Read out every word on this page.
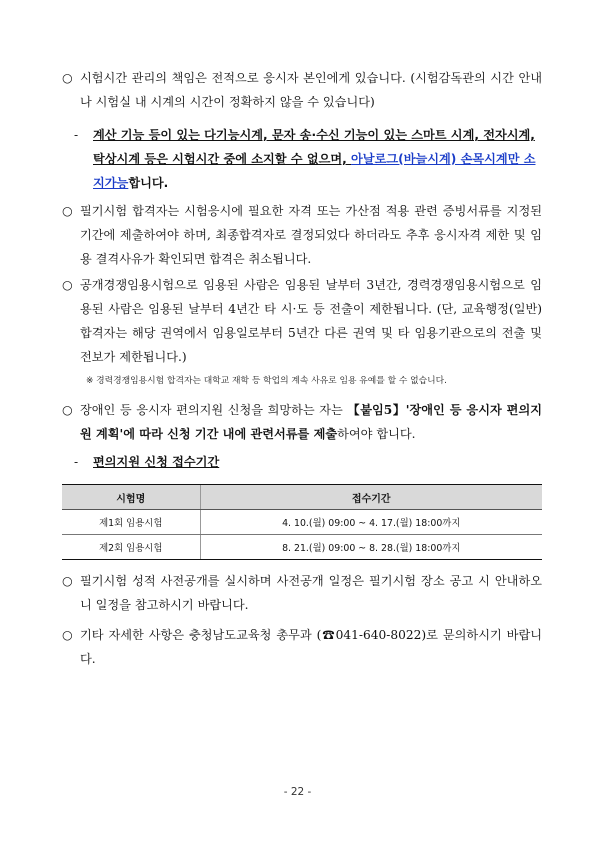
○ 시험시간 관리의 책임은 전적으로 응시자 본인에게 있습니다. (시험감독관의 시간 안내나 시험실 내 시계의 시간이 정확하지 않을 수 있습니다)
- 계산 기능 등이 있는 다기능시계, 문자 송·수신 기능이 있는 스마트 시계, 전자시계, 탁상시계 등은 시험시간 중에 소지할 수 없으며, 아날로그(바늘시계) 손목시계만 소지가능합니다.
○ 필기시험 합격자는 시험응시에 필요한 자격 또는 가산점 적용 관련 증빙서류를 지정된 기간에 제출하여야 하며, 최종합격자로 결정되었다 하더라도 추후 응시자격 제한 및 임용 결격사유가 확인되면 합격은 취소됩니다.
○ 공개경쟁임용시험으로 임용된 사람은 임용된 날부터 3년간, 경력경쟁임용시험으로 임용된 사람은 임용된 날부터 4년간 타 시·도 등 전출이 제한됩니다. (단, 교육행정(일반) 합격자는 해당 권역에서 임용일로부터 5년간 다른 권역 및 타 임용기관으로의 전출 및 전보가 제한됩니다.)
※ 경력경쟁임용시험 합격자는 대학교 재학 등 학업의 계속 사유로 임용 유예를 할 수 없습니다.
○ 장애인 등 응시자 편의지원 신청을 희망하는 자는 【붙임5】'장애인 등 응시자 편의지원 계획'에 따라 신청 기간 내에 관련서류를 제출하여야 합니다.
- 편의지원 신청 접수기간
시험명	접수기간
제1회 임용시험	4. 10.(월) 09:00 ~ 4. 17.(월) 18:00까지
제2회 임용시험	8. 21.(월) 09:00 ~ 8. 28.(월) 18:00까지
○ 필기시험 성적 사전공개를 실시하며 사전공개 일정은 필기시험 장소 공고 시 안내하오니 일정을 참고하시기 바랍니다.
○ 기타 자세한 사항은 충청남도교육청 총무과 (☎041-640-8022)로 문의하시기 바랍니다.
- 22 -
